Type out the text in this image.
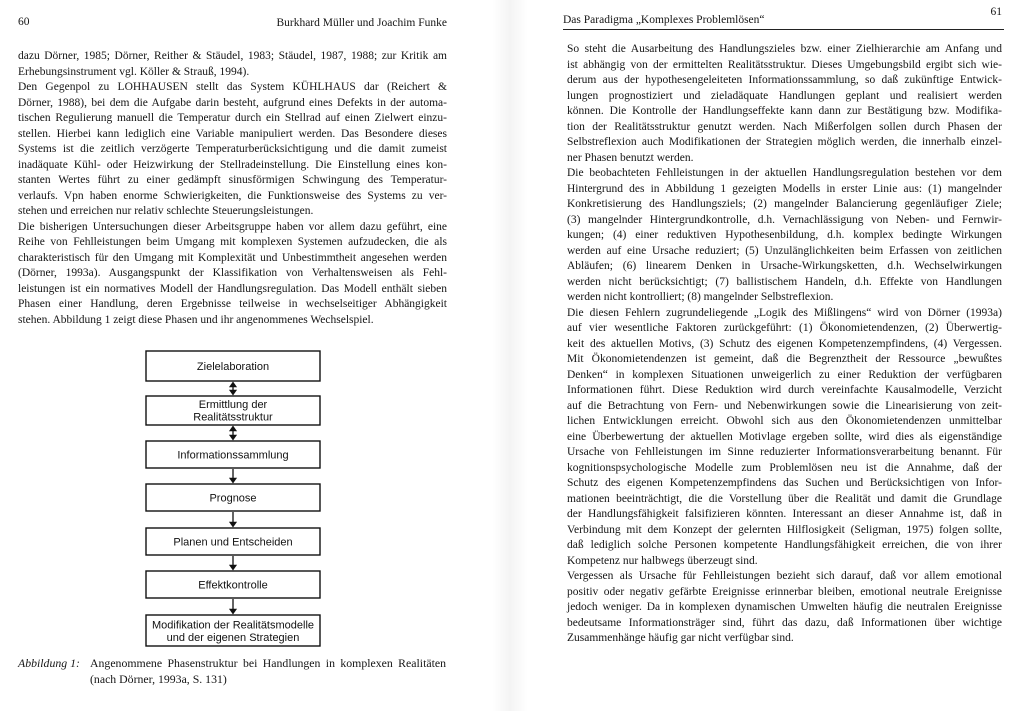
60	Burkhard Müller und Joachim Funke	Das Paradigma „Komplexes Problemlösen“
61
dazu Dörner, 1985; Dörner, Reither & Stäudel, 1983; Stäudel, 1987, 1988; zur Kritik am
Erhebungsinstrument vgl. Köller & Strauß, 1994).
Den Gegenpol zu LOHHAUSEN stellt das System KÜHLHAUS dar (Reichert &
Dörner, 1988), bei dem die Aufgabe darin besteht, aufgrund eines Defekts in der automa-
tischen Regulierung manuell die Temperatur durch ein Stellrad auf einen Zielwert einzu-
stellen. Hierbei kann lediglich eine Variable manipuliert werden. Das Besondere dieses
Systems ist die zeitlich verzögerte Temperaturberücksichtigung und die damit zumeist
inadäquate Kühl- oder Heizwirkung der Stellradeinstellung. Die Einstellung eines kon-
stanten Wertes führt zu einer gedämpft sinusförmigen Schwingung des Temperatur-
verlaufs. Vpn haben enorme Schwierigkeiten, die Funktionsweise des Systems zu ver-
stehen und erreichen nur relativ schlechte Steuerungsleistungen.
Die bisherigen Untersuchungen dieser Arbeitsgruppe haben vor allem dazu geführt, eine
Reihe von Fehlleistungen beim Umgang mit komplexen Systemen aufzudecken, die als
charakteristisch für den Umgang mit Komplexität und Unbestimmtheit angesehen werden
(Dörner, 1993a). Ausgangspunkt der Klassifikation von Verhaltensweisen als Fehl-
leistungen ist ein normatives Modell der Handlungsregulation. Das Modell enthält sieben
Phasen einer Handlung, deren Ergebnisse teilweise in wechselseitiger Abhängigkeit
stehen. Abbildung 1 zeigt diese Phasen und ihr angenommenes Wechselspiel.
So steht die Ausarbeitung des Handlungszieles bzw. einer Zielhierarchie am Anfang und
ist abhängig von der ermittelten Realitätsstruktur. Dieses Umgebungsbild ergibt sich wie-
derum aus der hypothesengeleiteten Informationssammlung, so daß zukünftige Entwick-
lungen prognostiziert und zieladäquate Handlungen geplant und realisiert werden
können. Die Kontrolle der Handlungseffekte kann dann zur Bestätigung bzw. Modifika-
tion der Realitätsstruktur genutzt werden. Nach Mißerfolgen sollen durch Phasen der
Selbstreflexion auch Modifikationen der Strategien möglich werden, die innerhalb einzel-
ner Phasen benutzt werden.
Die beobachteten Fehlleistungen in der aktuellen Handlungsregulation bestehen vor dem
Hintergrund des in Abbildung 1 gezeigten Modells in erster Linie aus: (1) mangelnder
Konkretisierung des Handlungsziels; (2) mangelnder Balancierung gegenläufiger Ziele;
(3) mangelnder Hintergrundkontrolle, d.h. Vernachlässigung von Neben- und Fernwir-
kungen; (4) einer reduktiven Hypothesenbildung, d.h. komplex bedingte Wirkungen
werden auf eine Ursache reduziert; (5) Unzulänglichkeiten beim Erfassen von zeitlichen
Abläufen; (6) linearem Denken in Ursache-Wirkungsketten, d.h. Wechselwirkungen
werden nicht berücksichtigt; (7) ballistischem Handeln, d.h. Effekte von Handlungen
werden nicht kontrolliert; (8) mangelnder Selbstreflexion.
Die diesen Fehlern zugrundeliegende „Logik des Mißlingens“ wird von Dörner (1993a)
auf vier wesentliche Faktoren zurückgeführt: (1) Ökonomietendenzen, (2) Überwertig-
keit des aktuellen Motivs, (3) Schutz des eigenen Kompetenzempfindens, (4) Vergessen.
Mit Ökonomietendenzen ist gemeint, daß die Begrenztheit der Ressource „bewußtes
Denken“ in komplexen Situationen unweigerlich zu einer Reduktion der verfügbaren
Informationen führt. Diese Reduktion wird durch vereinfachte Kausalmodelle, Verzicht
auf die Betrachtung von Fern- und Nebenwirkungen sowie die Linearisierung von zeit-
lichen Entwicklungen erreicht. Obwohl sich aus den Ökonomietendenzen unmittelbar
eine Überbewertung der aktuellen Motivlage ergeben sollte, wird dies als eigenständige
Ursache von Fehlleistungen im Sinne reduzierter Informationsverarbeitung benannt. Für
kognitionspsychologische Modelle zum Problemlösen neu ist die Annahme, daß der
Schutz des eigenen Kompetenzempfindens das Suchen und Berücksichtigen von Infor-
mationen beeinträchtigt, die die Vorstellung über die Realität und damit die Grundlage
der Handlungsfähigkeit falsifizieren könnten. Interessant an dieser Annahme ist, daß in
Verbindung mit dem Konzept der gelernten Hilflosigkeit (Seligman, 1975) folgen sollte,
daß lediglich solche Personen kompetente Handlungsfähigkeit erreichen, die von ihrer
Kompetenz nur halbwegs überzeugt sind.
Vergessen als Ursache für Fehlleistungen bezieht sich darauf, daß vor allem emotional
positiv oder negativ gefärbte Ereignisse erinnerbar bleiben, emotional neutrale Ereignisse
jedoch weniger. Da in komplexen dynamischen Umwelten häufig die neutralen Ereignisse
bedeutsame Informationsträger sind, führt das dazu, daß Informationen über wichtige
Zusammenhänge häufig gar nicht verfügbar sind.
Zielelaboration
Ermittlung der
Realitätsstruktur
Informationssammlung
Prognose
Planen und Entscheiden
Effektkontrolle
Modifikation der Realitätsmodelle
und der eigenen Strategien
Abbildung 1: Angenommene Phasenstruktur bei Handlungen in komplexen Realitäten
(nach Dörner, 1993a, S. 131)
